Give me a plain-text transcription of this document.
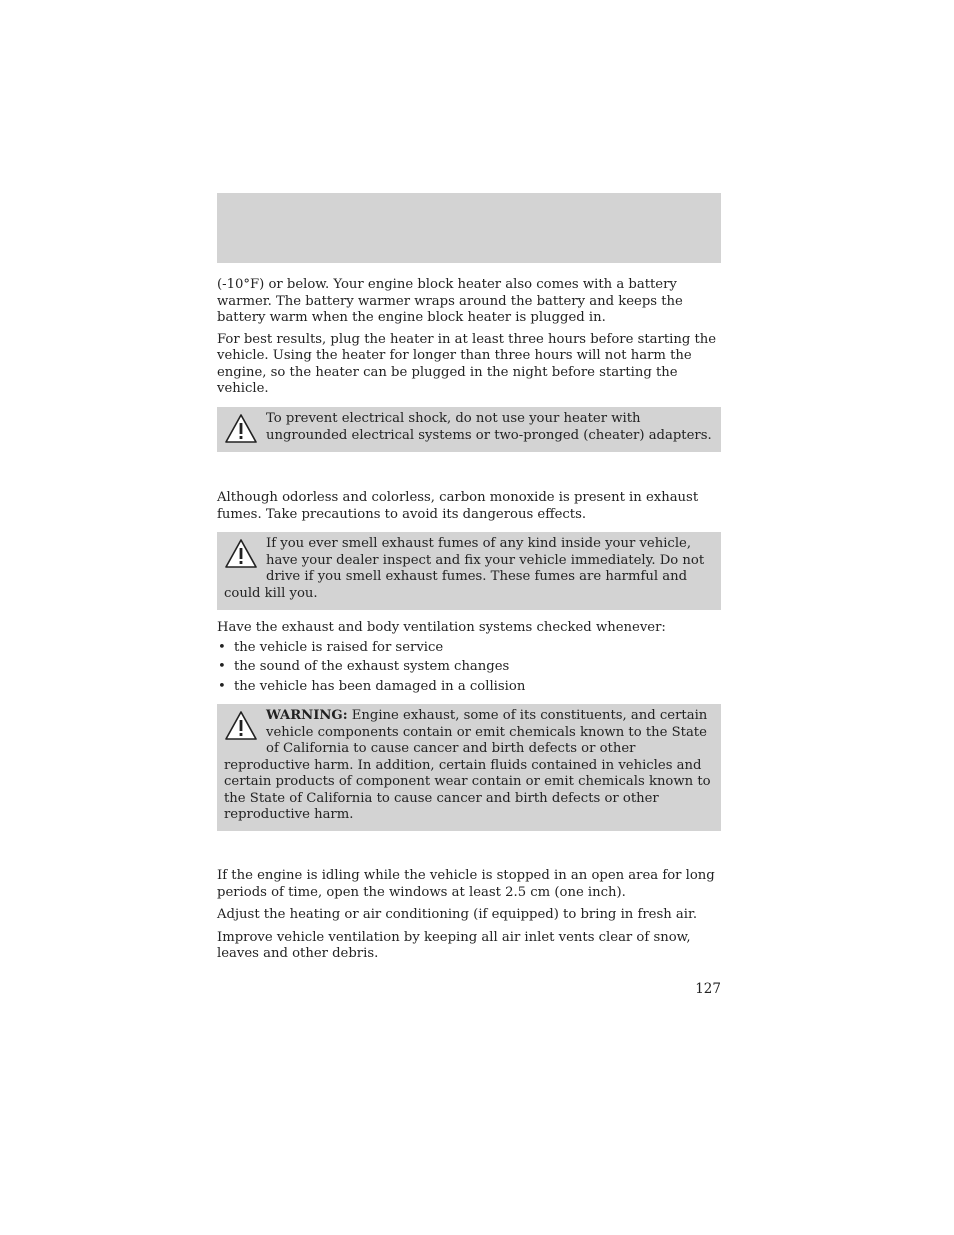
(-10°F) or below. Your engine block heater also comes with a battery warmer. The battery warmer wraps around the battery and keeps the battery warm when the engine block heater is plugged in.

For best results, plug the heater in at least three hours before starting the vehicle. Using the heater for longer than three hours will not harm the engine, so the heater can be plugged in the night before starting the vehicle.

To prevent electrical shock, do not use your heater with ungrounded electrical systems or two-pronged (cheater) adapters.

Although odorless and colorless, carbon monoxide is present in exhaust fumes. Take precautions to avoid its dangerous effects.

If you ever smell exhaust fumes of any kind inside your vehicle, have your dealer inspect and fix your vehicle immediately. Do not drive if you smell exhaust fumes. These fumes are harmful and could kill you.

Have the exhaust and body ventilation systems checked whenever:

• the vehicle is raised for service
• the sound of the exhaust system changes
• the vehicle has been damaged in a collision
WARNING: Engine exhaust, some of its constituents, and certain vehicle components contain or emit chemicals known to the State of California to cause cancer and birth defects or other reproductive harm. In addition, certain fluids contained in vehicles and certain products of component wear contain or emit chemicals known to the State of California to cause cancer and birth defects or other reproductive harm.

If the engine is idling while the vehicle is stopped in an open area for long periods of time, open the windows at least 2.5 cm (one inch).

Adjust the heating or air conditioning (if equipped) to bring in fresh air.

Improve vehicle ventilation by keeping all air inlet vents clear of snow, leaves and other debris.

127
